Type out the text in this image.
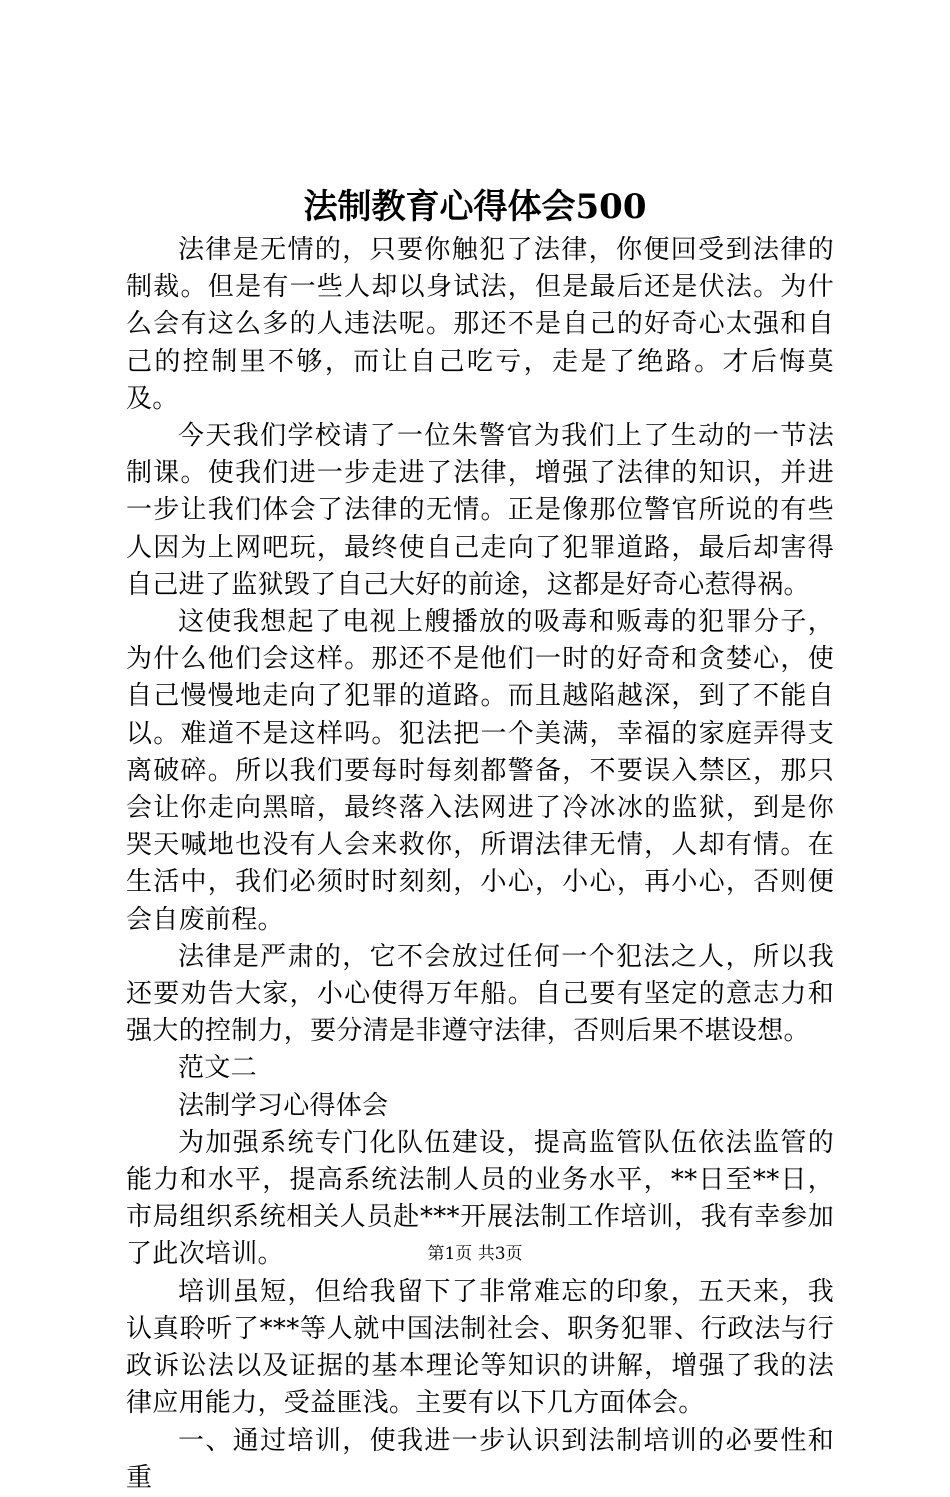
法制教育心得体会500

法律是无情的，只要你触犯了法律，你便回受到法律的制裁。但是有一些人却以身试法，但是最后还是伏法。为什么会有这么多的人违法呢。那还不是自己的好奇心太强和自己的控制里不够，而让自己吃亏，走是了绝路。才后悔莫及。

今天我们学校请了一位朱警官为我们上了生动的一节法制课。使我们进一步走进了法律，增强了法律的知识，并进一步让我们体会了法律的无情。正是像那位警官所说的有些人因为上网吧玩，最终使自己走向了犯罪道路，最后却害得自己进了监狱毁了自己大好的前途，这都是好奇心惹得祸。

这使我想起了电视上艘播放的吸毒和贩毒的犯罪分子，为什么他们会这样。那还不是他们一时的好奇和贪婪心，使自己慢慢地走向了犯罪的道路。而且越陷越深，到了不能自以。难道不是这样吗。犯法把一个美满，幸福的家庭弄得支离破碎。所以我们要每时每刻都警备，不要误入禁区，那只会让你走向黑暗，最终落入法网进了冷冰冰的监狱，到是你哭天喊地也没有人会来救你，所谓法律无情，人却有情。在生活中，我们必须时时刻刻，小心，小心，再小心，否则便会自废前程。

法律是严肃的，它不会放过任何一个犯法之人，所以我还要劝告大家，小心使得万年船。自己要有坚定的意志力和强大的控制力，要分清是非遵守法律，否则后果不堪设想。

范文二

法制学习心得体会

为加强系统专门化队伍建设，提高监管队伍依法监管的能力和水平，提高系统法制人员的业务水平，**日至**日，市局组织系统相关人员赴***开展法制工作培训，我有幸参加了此次培训。

培训虽短，但给我留下了非常难忘的印象，五天来，我认真聆听了***等人就中国法制社会、职务犯罪、行政法与行政诉讼法以及证据的基本理论等知识的讲解，增强了我的法律应用能力，受益匪浅。主要有以下几方面体会。

一、通过培训，使我进一步认识到法制培训的必要性和重

第1页 共3页
